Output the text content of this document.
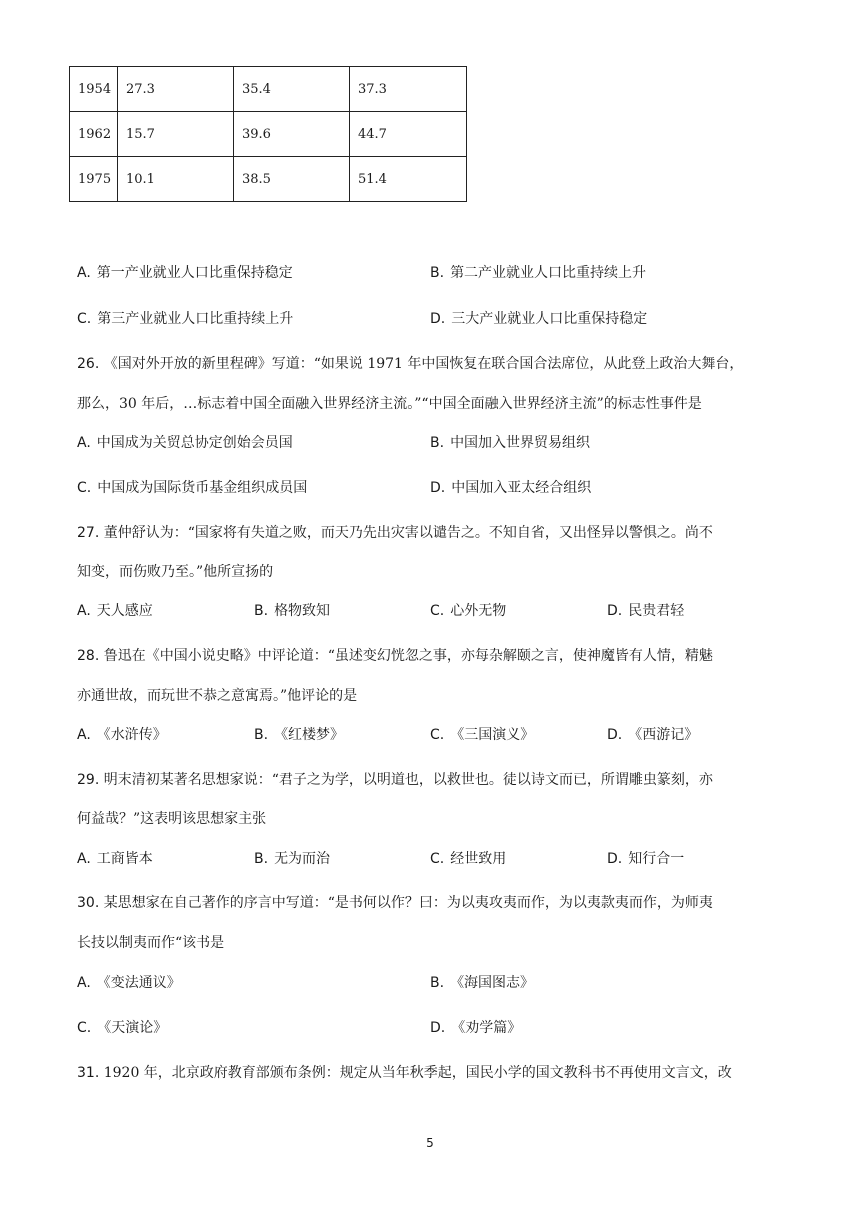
1954	27.3	35.4	37.3
1962	15.7	39.6	44.7
1975	10.1	38.5	51.4
A. 第一产业就业人口比重保持稳定	B. 第二产业就业人口比重持续上升
C. 第三产业就业人口比重持续上升	D. 三大产业就业人口比重保持稳定
26. 《国对外开放的新里程碑》写道：“如果说 1971 年中国恢复在联合国合法席位，从此登上政治大舞台，
那么，30 年后，…标志着中国全面融入世界经济主流。”“中国全面融入世界经济主流”的标志性事件是
A. 中国成为关贸总协定创始会员国	B. 中国加入世界贸易组织
C. 中国成为国际货币基金组织成员国	D. 中国加入亚太经合组织
27. 董仲舒认为：“国家将有失道之败，而天乃先出灾害以谴告之。不知自省，又出怪异以警惧之。尚不
知变，而伤败乃至。”他所宣扬的
A. 天人感应	B. 格物致知	C. 心外无物	D. 民贵君轻
28. 鲁迅在《中国小说史略》中评论道：“虽述变幻恍忽之事，亦每杂解颐之言，使神魔皆有人情，精魅
亦通世故，而玩世不恭之意寓焉。”他评论的是
A. 《水浒传》	B. 《红楼梦》	C. 《三国演义》	D. 《西游记》
29. 明末清初某著名思想家说：“君子之为学，以明道也，以救世也。徒以诗文而已，所谓雕虫篆刻，亦
何益哉？”这表明该思想家主张
A. 工商皆本	B. 无为而治	C. 经世致用	D. 知行合一
30. 某思想家在自己著作的序言中写道：“是书何以作？曰：为以夷攻夷而作，为以夷款夷而作，为师夷
长技以制夷而作“该书是
A. 《变法通议》	B. 《海国图志》
C. 《天演论》	D. 《劝学篇》
31. 1920 年，北京政府教育部颁布条例：规定从当年秋季起，国民小学的国文教科书不再使用文言文，改
5
